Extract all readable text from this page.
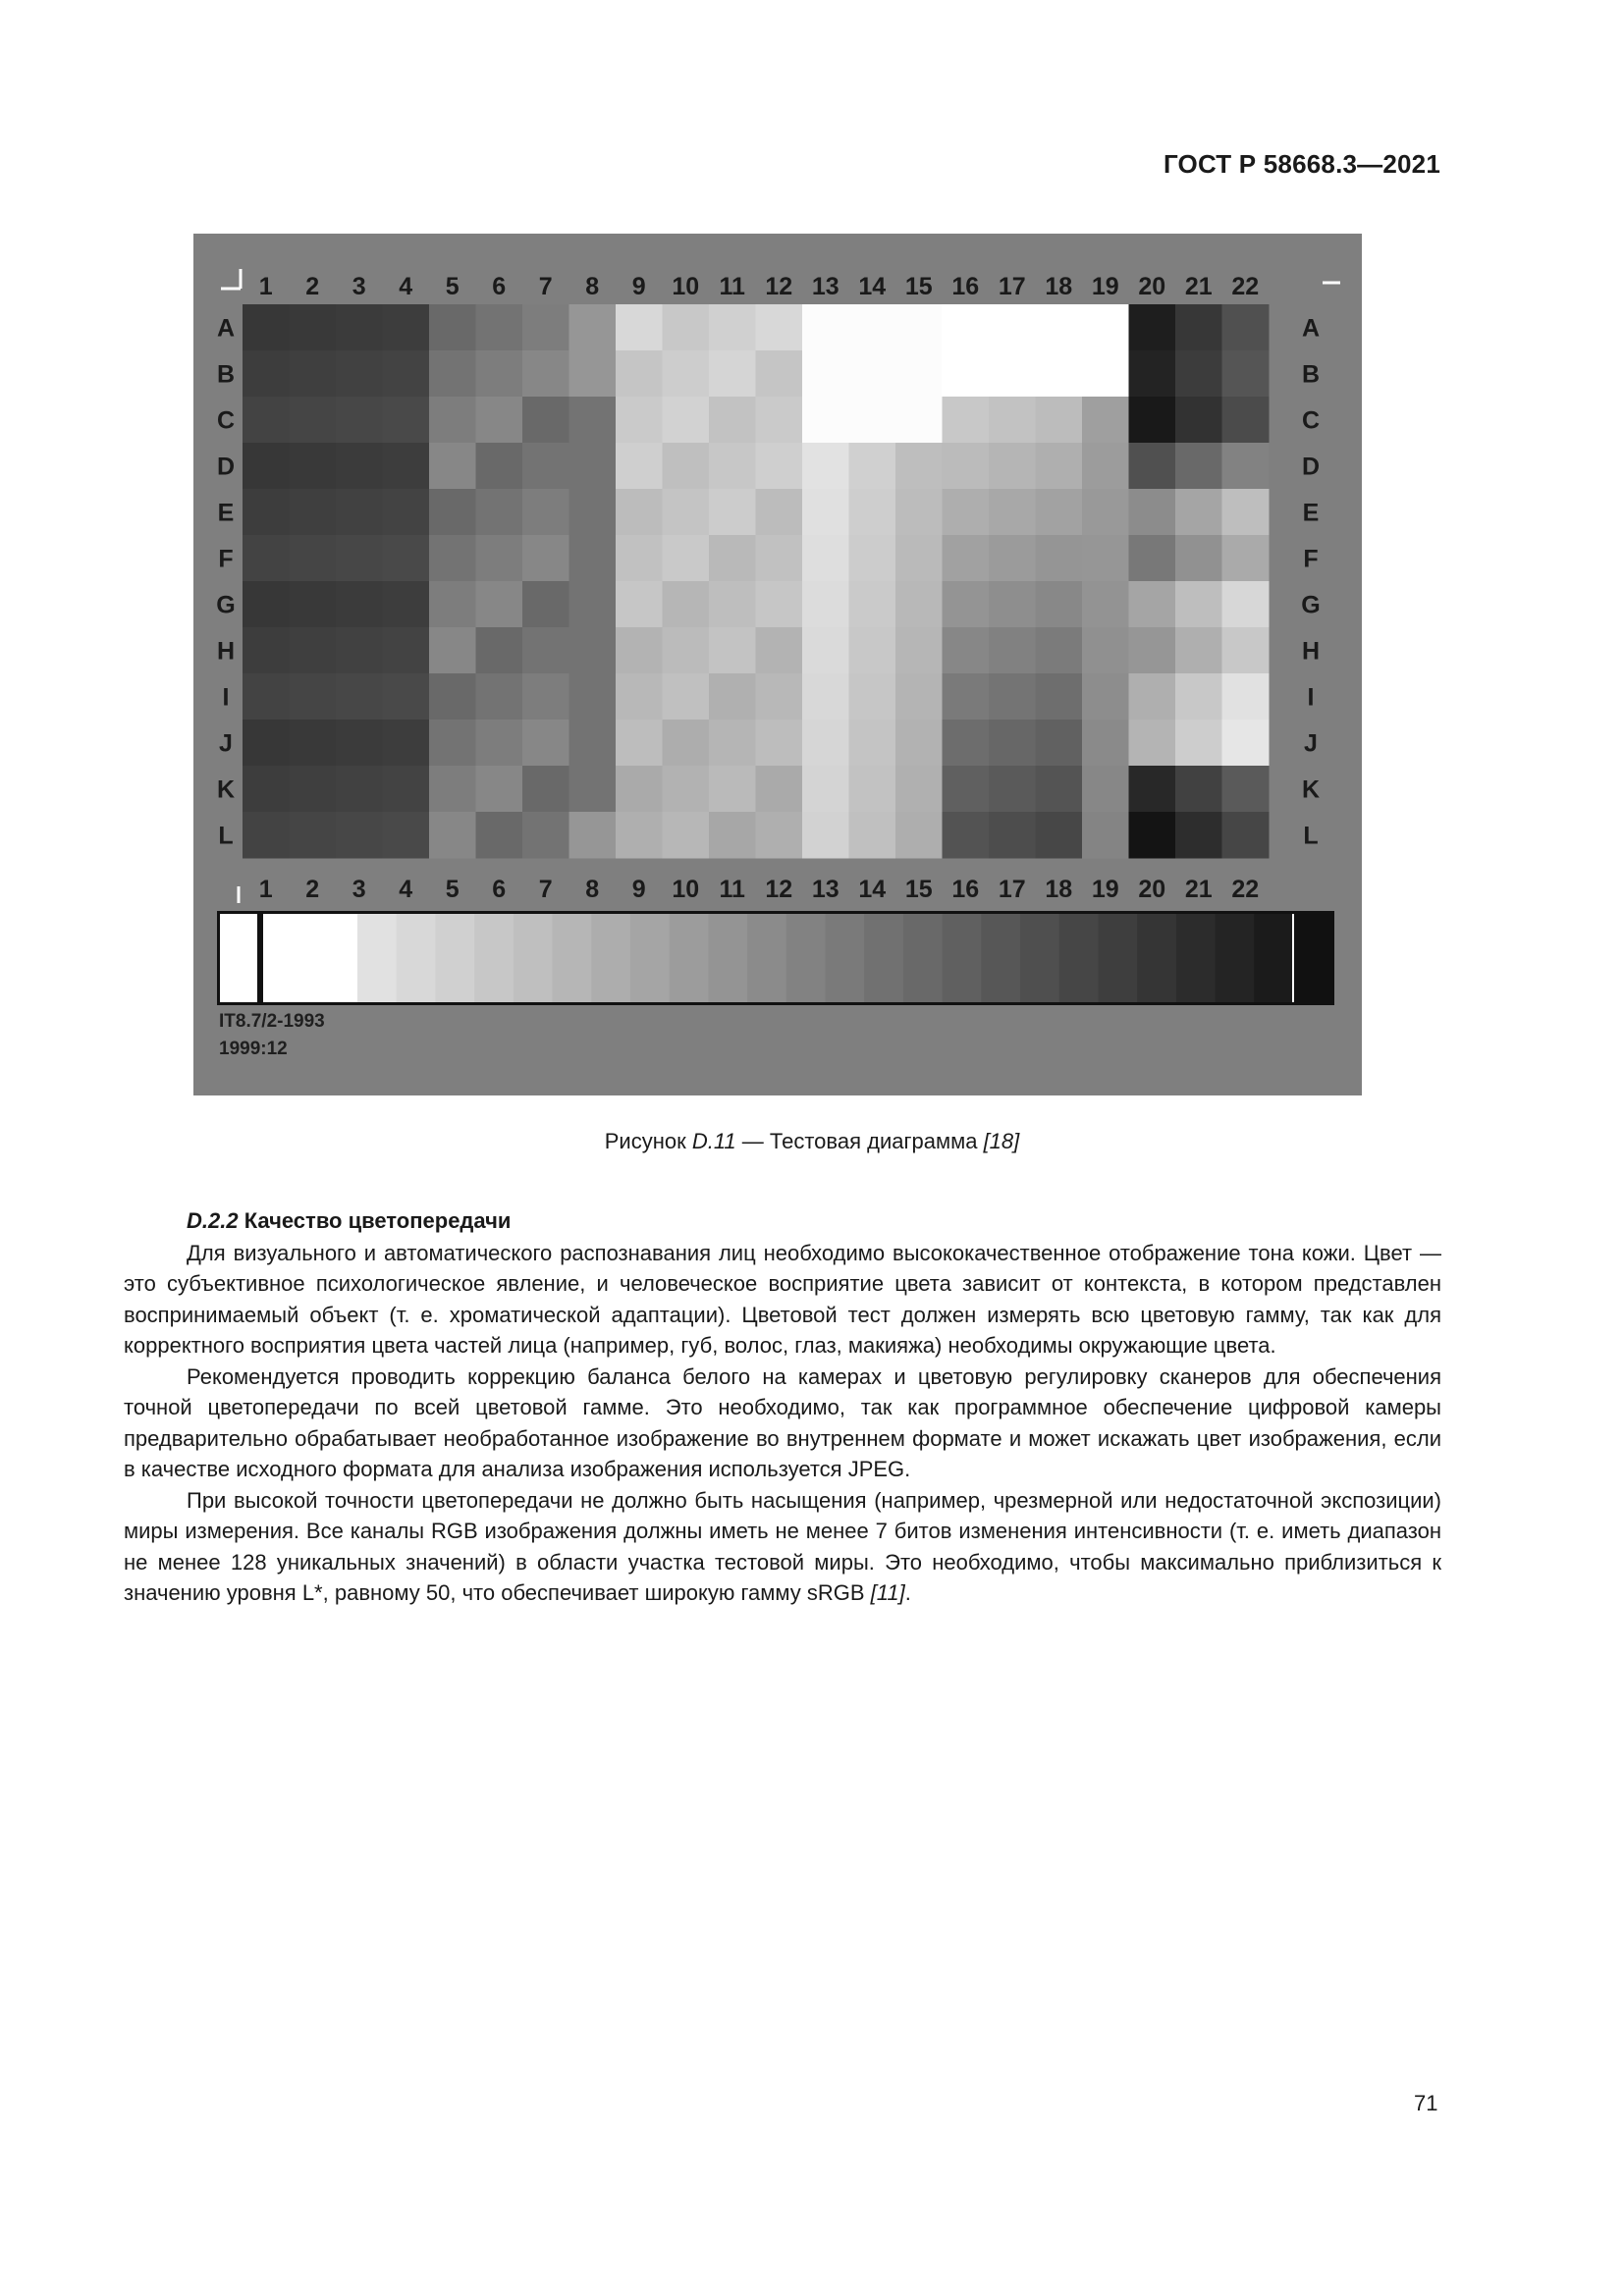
ГОСТ Р 58668.3—2021
1 2 3 4 5 6 7 8 9 10 11 12 13 14 15 16 17 18 19 20 21 22
1 2 3 4 5 6 7 8 9 10 11 12 13 14 15 16 17 18 19 20 21 22
A
B
C
D
E
F
G
H
I
J
K
L
A
B
C
D
E
F
G
H
I
J
K
L
IT8.7/2-1993
1999:12
Рисунок D.11 — Тестовая диаграмма [18]
D.2.2 Качество цветопередачи

Для визуального и автоматического распознавания лиц необходимо высококачественное отображение тона кожи. Цвет — это субъективное психологическое явление, и человеческое восприятие цвета зависит от контекста, в котором представлен воспринимаемый объект (т. е. хроматической адаптации). Цветовой тест должен измерять всю цветовую гамму, так как для корректного восприятия цвета частей лица (например, губ, волос, глаз, макияжа) необходимы окружающие цвета.

Рекомендуется проводить коррекцию баланса белого на камерах и цветовую регулировку сканеров для обеспечения точной цветопередачи по всей цветовой гамме. Это необходимо, так как программное обеспечение цифровой камеры предварительно обрабатывает необработанное изображение во внутреннем формате и может искажать цвет изображения, если в качестве исходного формата для анализа изображения используется JPEG.

При высокой точности цветопередачи не должно быть насыщения (например, чрезмерной или недостаточной экспозиции) миры измерения. Все каналы RGB изображения должны иметь не менее 7 битов изменения интенсивности (т. е. иметь диапазон не менее 128 уникальных значений) в области участка тестовой миры. Это необходимо, чтобы максимально приблизиться к значению уровня L*, равному 50, что обеспечивает широкую гамму sRGB [11].

71
